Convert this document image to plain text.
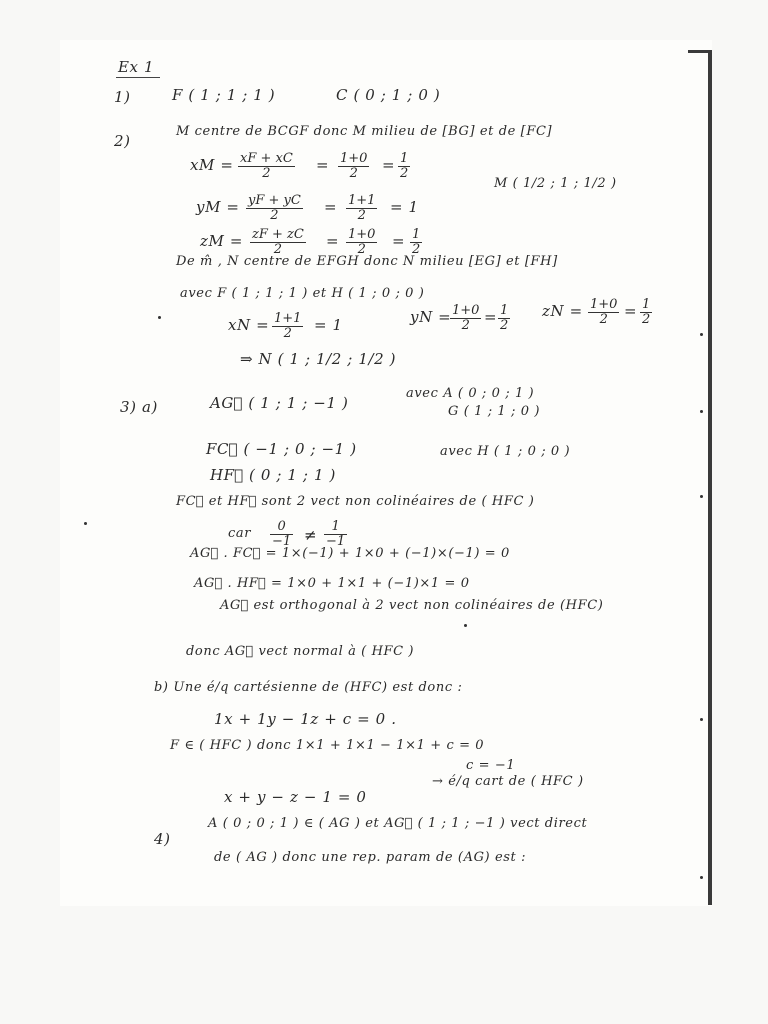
Ex 1
1)	F ( 1 ; 1 ; 1 )	C ( 0 ; 1 ; 0 )
2)
M centre de BCGF donc M milieu de [BG] et de [FC]
xM = $\frac{xF + xC}{2} = \frac{1+0}{2} = \frac{1}{2}$
yM = $\frac{yF + yC}{2} = \frac{1+1}{2} = 1$
M ( 1/2 ; 1 ; 1/2 )
zM = $\frac{zF + zC}{2} = \frac{1+0}{2} = \frac{1}{2}$
De m̂ , N centre de EFGH donc N milieu [EG] et [FH]
avec F ( 1 ; 1 ; 1 ) et H ( 1 ; 0 ; 0 )
xN = $\frac{1+1}{2} = 1$	yN =
$\frac{1+0}{2} = \frac{1}{2}$ zN = $\frac{1+0}{2} = \frac{1}{2}$
⇒ N ( 1 ; 1/2 ; 1/2 )
3) a)	AG⃗ ( 1 ; 1 ; −1 )
avec A ( 0 ; 0 ; 1 )
G ( 1 ; 1 ; 0 )
FC⃗ ( −1 ; 0 ; −1 )	avec H ( 1 ; 0 ; 0 )
HF⃗ ( 0 ; 1 ; 1 )
FC⃗ et HF⃗ sont 2 vect non colinéaires de ( HFC )
car $\frac{0}{-1} \ne \frac{1}{-1}$
AG⃗ . FC⃗ = 1×(−1) + 1×0 + (−1)×(−1) = 0
AG⃗ . HF⃗ = 1×0 + 1×1 + (−1)×1 = 0
AG⃗ est orthogonal à 2 vect non colinéaires de (HFC)
donc AG⃗ vect normal à ( HFC )
b) Une é/q cartésienne de (HFC) est donc :
1x + 1y − 1z + c = 0 .
F ∈ ( HFC ) donc 1×1 + 1×1 − 1×1 + c = 0
c = −1
x + y − z − 1 = 0
→ é/q cart de ( HFC )
4)
A ( 0 ; 0 ; 1 ) ∈ ( AG ) et AG⃗ ( 1 ; 1 ; −1 ) vect direct
de ( AG ) donc une rep. param de (AG) est :
